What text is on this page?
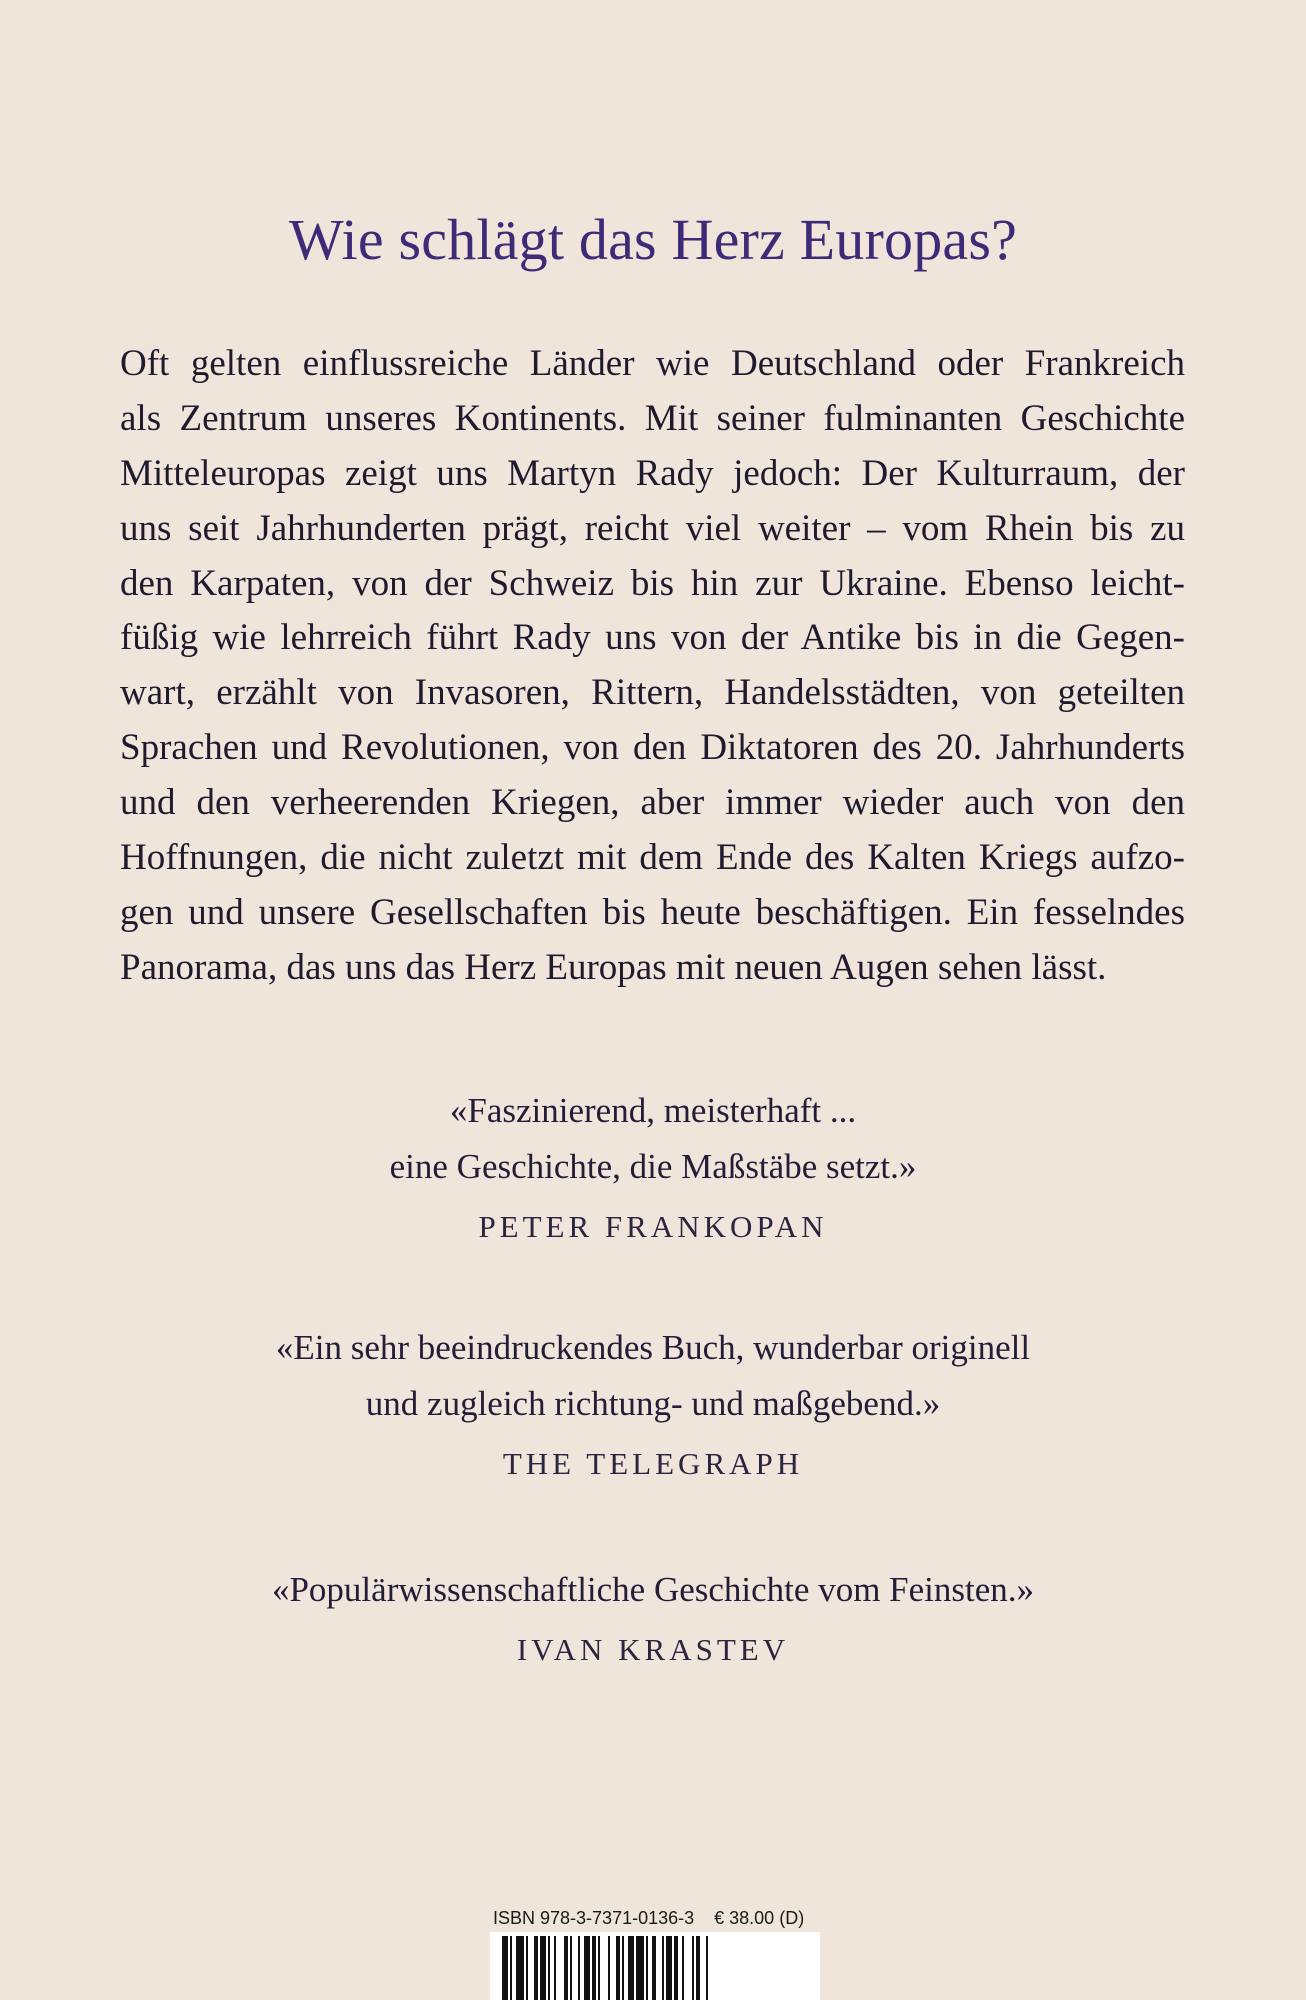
Wie schlägt das Herz Europas?
Oft gelten einflussreiche Länder wie Deutschland oder Frankreich
als Zentrum unseres Kontinents. Mit seiner fulminanten Geschichte
Mitteleuropas zeigt uns Martyn Rady jedoch: Der Kulturraum, der
uns seit Jahrhunderten prägt, reicht viel weiter – vom Rhein bis zu
den Karpaten, von der Schweiz bis hin zur Ukraine. Ebenso leicht-
füßig wie lehrreich führt Rady uns von der Antike bis in die Gegen-
wart, erzählt von Invasoren, Rittern, Handelsstädten, von geteilten
Sprachen und Revolutionen, von den Diktatoren des 20. Jahrhunderts
und den verheerenden Kriegen, aber immer wieder auch von den
Hoffnungen, die nicht zuletzt mit dem Ende des Kalten Kriegs aufzo-
gen und unsere Gesellschaften bis heute beschäftigen. Ein fesselndes
Panorama, das uns das Herz Europas mit neuen Augen sehen lässt.

«Faszinierend, meisterhaft ...
eine Geschichte, die Maßstäbe setzt.»

PETER FRANKOPAN

«Ein sehr beeindruckendes Buch, wunderbar originell
und zugleich richtung- und maßgebend.»

THE TELEGRAPH

«Populärwissenschaftliche Geschichte vom Feinsten.»

IVAN KRASTEV
ISBN 978-3-7371-0136-3 € 38.00 (D)
